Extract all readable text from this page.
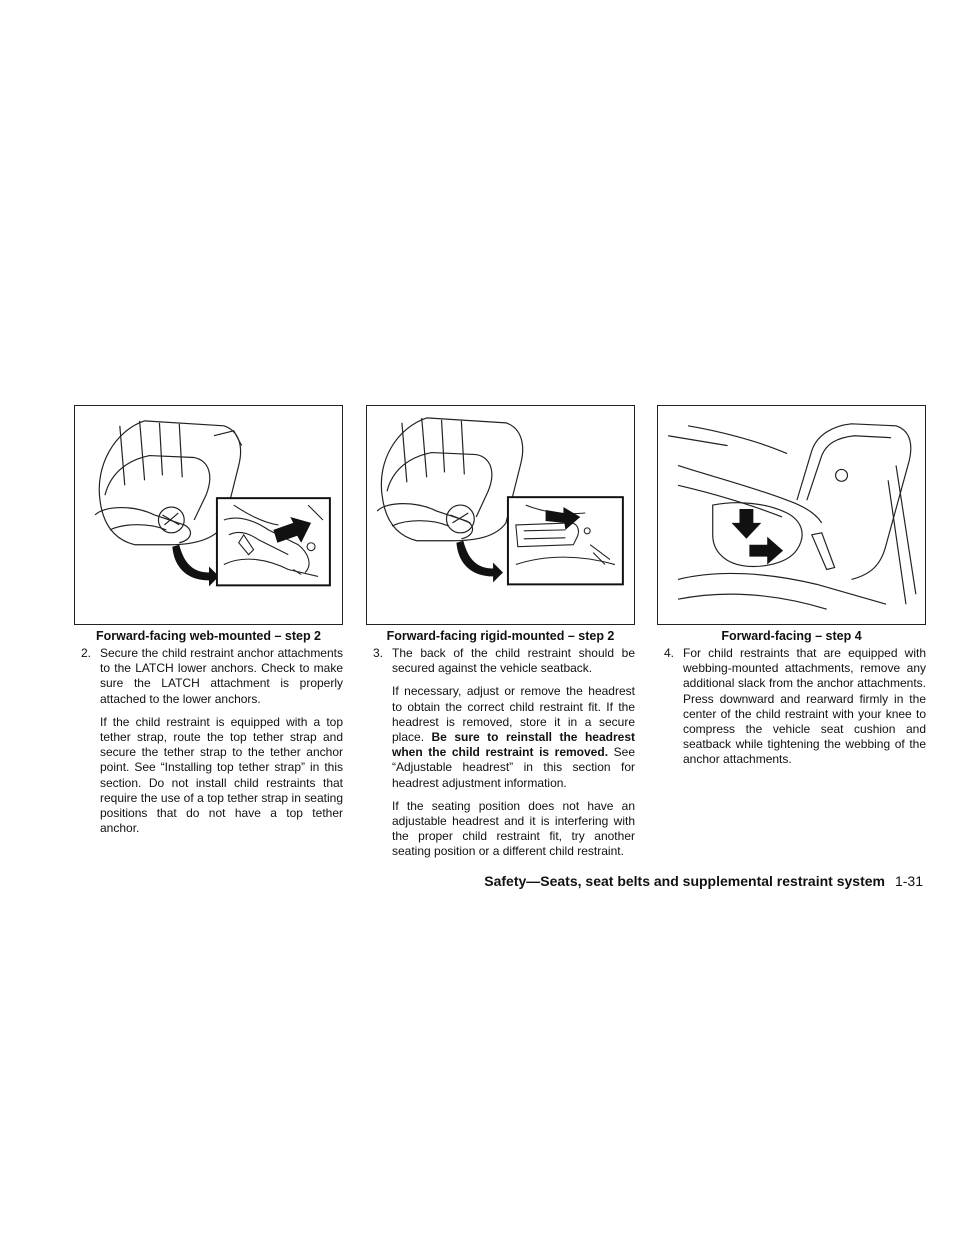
Forward-facing web-mounted – step 2	Forward-facing rigid-mounted – step 2	Forward-facing – step 4

2. Secure the child restraint anchor attachments to the LATCH lower anchors. Check to make sure the LATCH attachment is properly attached to the lower anchors.

If the child restraint is equipped with a top tether strap, route the top tether strap and secure the tether strap to the tether anchor point. See “Installing top tether strap” in this section. Do not install child restraints that require the use of a top tether strap in seating positions that do not have a top tether anchor.

3. The back of the child restraint should be secured against the vehicle seatback.

If necessary, adjust or remove the headrest to obtain the correct child restraint fit. If the headrest is removed, store it in a secure place. Be sure to reinstall the headrest when the child restraint is removed. See “Adjustable headrest” in this section for headrest adjustment information.

If the seating position does not have an adjustable headrest and it is interfering with the proper child restraint fit, try another seating position or a different child restraint.

4. For child restraints that are equipped with webbing-mounted attachments, remove any additional slack from the anchor attachments. Press downward and rearward firmly in the center of the child restraint with your knee to compress the vehicle seat cushion and seatback while tightening the webbing of the anchor attachments.

Safety—Seats, seat belts and supplemental restraint system 1-31
